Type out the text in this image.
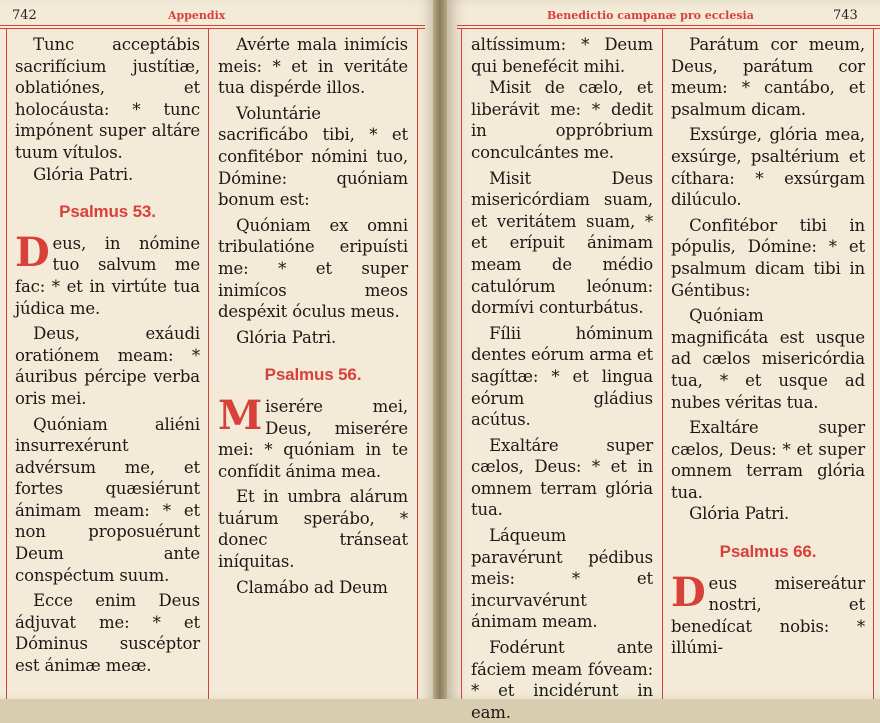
742	Appendix

Tunc acceptábis sacrifícium justítiæ, oblatiónes, et holocáusta: * tunc impónent super altáre tuum vítulos.

Glória Patri.

Psalmus 53.

Deus, in nómine tuo salvum me fac: * et in virtúte tua júdica me.

Deus, exáudi oratiónem meam: * áuribus pércipe verba oris mei.

Quóniam aliéni insurrexérunt advérsum me, et fortes quæsiérunt ánimam meam: * et non proposuérunt Deum ante conspéctum suum.

Ecce enim Deus ádjuvat me: * et Dóminus suscéptor est ánimæ meæ.

Avérte mala inimícis meis: * et in veritáte tua dispérde illos.

Voluntárie sacrificábo tibi, * et confitébor nómini tuo, Dómine: quóniam bonum est:

Quóniam ex omni tribulatióne eripuísti me: * et super inimícos meos despéxit óculus meus.

Glória Patri.

Psalmus 56.

Miserére mei, Deus, miserére mei: * quóniam in te confídit ánima mea.

Et in umbra alárum tuárum sperábo, * donec tránseat iníquitas.

Clamábo ad Deum

Benedictio campanæ pro ecclesia	743

altíssimum: * Deum qui benefécit mihi.

Misit de cælo, et liberávit me: * dedit in oppróbrium conculcántes me.

Misit Deus misericórdiam suam, et veritátem suam, * et erípuit ánimam meam de médio catulórum leónum: dormívi conturbátus.

Fílii hóminum dentes eórum arma et sagíttæ: * et lingua eórum gládius acútus.

Exaltáre super cælos, Deus: * et in omnem terram glória tua.

Láqueum paravérunt pédibus meis: * et incurvavérunt ánimam meam.

Fodérunt ante fáciem meam fóveam: * et incidérunt in eam.

Parátum cor meum, Deus, parátum cor meum: * cantábo, et psalmum dicam.

Exsúrge, glória mea, exsúrge, psaltérium et cíthara: * exsúrgam dilúculo.

Confitébor tibi in pópulis, Dómine: * et psalmum dicam tibi in Géntibus:

Quóniam magnificáta est usque ad cælos misericórdia tua, * et usque ad nubes véritas tua.

Exaltáre super cælos, Deus: * et super omnem terram glória tua.

Glória Patri.

Psalmus 66.

Deus misereátur nostri, et benedícat nobis: * illúmi-
